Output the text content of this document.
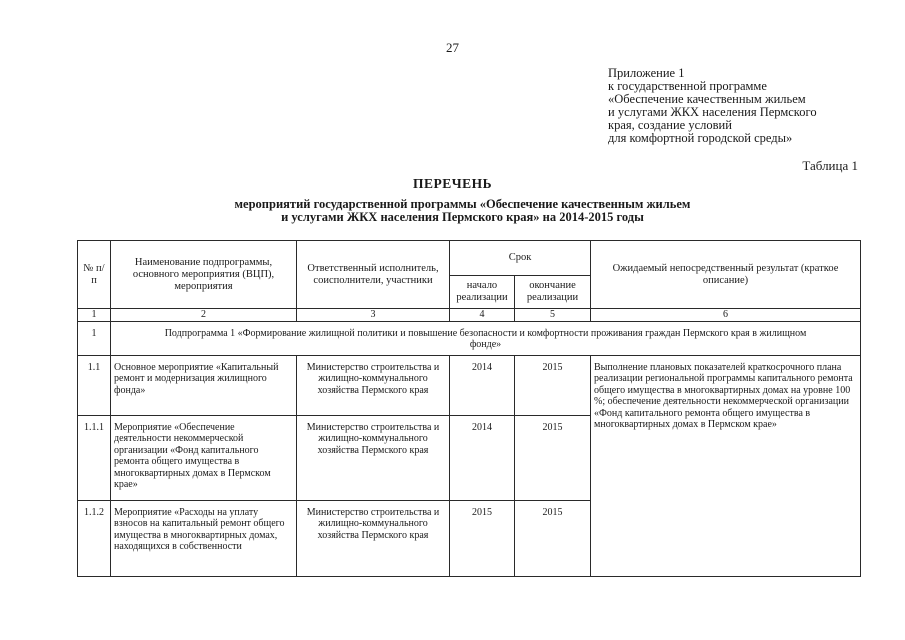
27
Приложение 1
к государственной программе
«Обеспечение качественным жильем
и услугами ЖКХ населения Пермского
края, создание условий
для комфортной городской среды»
Таблица 1
ПЕРЕЧЕНЬ
мероприятий государственной программы «Обеспечение качественным жильем
и услугами ЖКХ населения Пермского края» на 2014-2015 годы
№ п/п	Наименование подпрограммы, основного мероприятия (ВЦП), мероприятия	Ответственный исполнитель, соисполнители, участники	Срок		Ожидаемый непосредственный результат (краткое описание)
			начало реализации	окончание реализации	
1	2	3	4	5	6
1	Подпрограмма 1 «Формирование жилищной политики и повышение безопасности и комфортности проживания граждан Пермского края в жилищном фонде»				
1.1	Основное мероприятие «Капитальный ремонт и модернизация жилищного фонда»	Министерство строительства и жилищно-коммунального хозяйства Пермского края	2014	2015	Выполнение плановых показателей краткосрочного плана реализации региональной программы капитального ремонта общего имущества в многоквартирных домах на уровне 100 %; обеспечение деятельности некоммерческой организации «Фонд капитального ремонта общего имущества в многоквартирных домах в Пермском крае»
1.1.1	Мероприятие «Обеспечение деятельности некоммерческой организации «Фонд капитального ремонта общего имущества в многоквартирных домах в Пермском крае»	Министерство строительства и жилищно-коммунального хозяйства Пермского края	2014	2015	
1.1.2	Мероприятие «Расходы на уплату взносов на капитальный ремонт общего имущества в многоквартирных домах, находящихся в собственности	Министерство строительства и жилищно-коммунального хозяйства Пермского края	2015	2015	
